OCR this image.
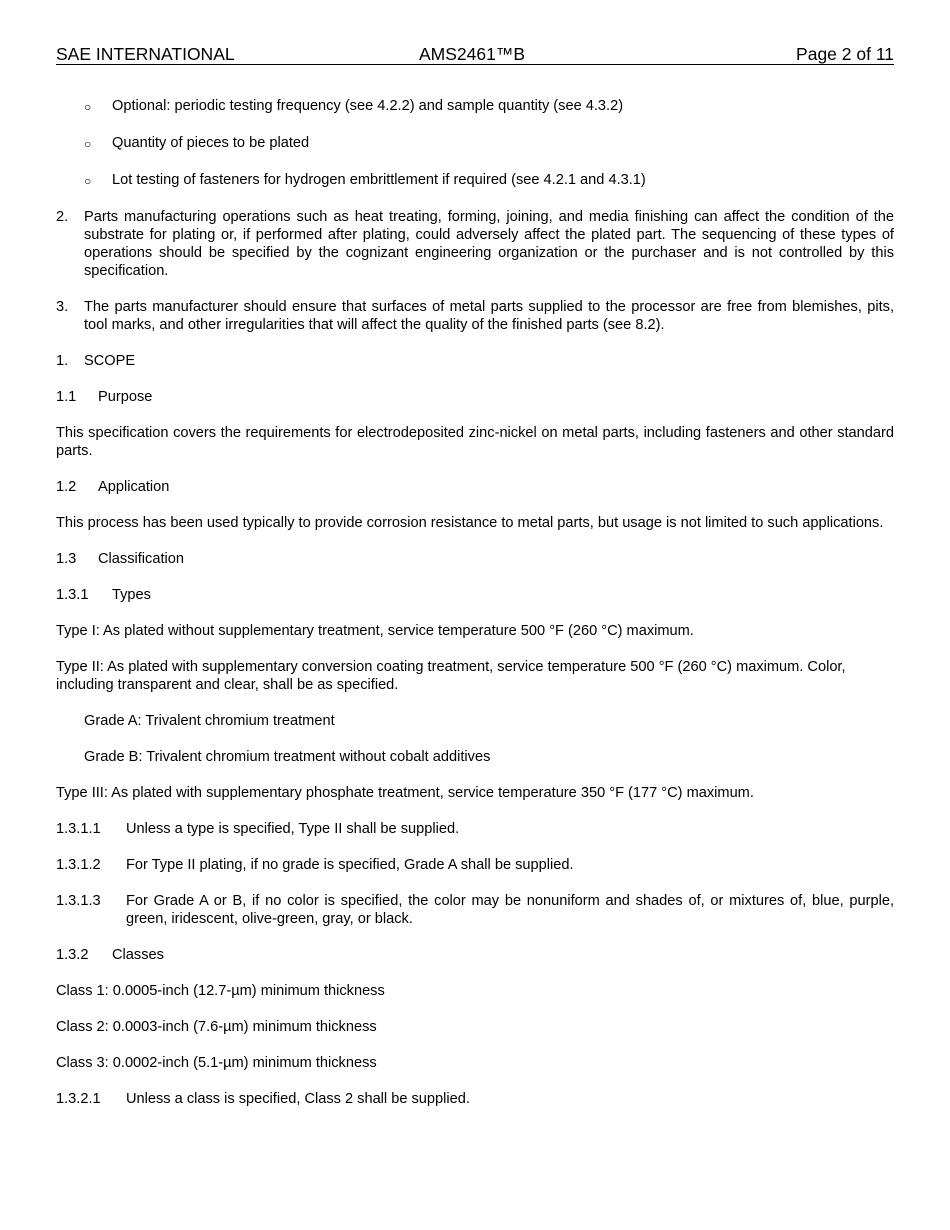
SAE INTERNATIONAL	AMS2461™B	Page 2 of 11
○ Optional: periodic testing frequency (see 4.2.2) and sample quantity (see 4.3.2)
○ Quantity of pieces to be plated
○ Lot testing of fasteners for hydrogen embrittlement if required (see 4.2.1 and 4.3.1)
2. Parts manufacturing operations such as heat treating, forming, joining, and media finishing can affect the condition of the substrate for plating or, if performed after plating, could adversely affect the plated part. The sequencing of these types of operations should be specified by the cognizant engineering organization or the purchaser and is not controlled by this specification.
3. The parts manufacturer should ensure that surfaces of metal parts supplied to the processor are free from blemishes, pits, tool marks, and other irregularities that will affect the quality of the finished parts (see 8.2).
1. SCOPE
1.1 Purpose
This specification covers the requirements for electrodeposited zinc-nickel on metal parts, including fasteners and other standard parts.
1.2 Application
This process has been used typically to provide corrosion resistance to metal parts, but usage is not limited to such applications.
1.3 Classification
1.3.1 Types
Type I: As plated without supplementary treatment, service temperature 500 °F (260 °C) maximum.
Type II: As plated with supplementary conversion coating treatment, service temperature 500 °F (260 °C) maximum. Color, including transparent and clear, shall be as specified.
Grade A: Trivalent chromium treatment
Grade B: Trivalent chromium treatment without cobalt additives
Type III: As plated with supplementary phosphate treatment, service temperature 350 °F (177 °C) maximum.
1.3.1.1 Unless a type is specified, Type II shall be supplied.
1.3.1.2 For Type II plating, if no grade is specified, Grade A shall be supplied.
1.3.1.3 For Grade A or B, if no color is specified, the color may be nonuniform and shades of, or mixtures of, blue, purple, green, iridescent, olive-green, gray, or black.
1.3.2 Classes
Class 1: 0.0005-inch (12.7-µm) minimum thickness
Class 2: 0.0003-inch (7.6-µm) minimum thickness
Class 3: 0.0002-inch (5.1-µm) minimum thickness
1.3.2.1 Unless a class is specified, Class 2 shall be supplied.
